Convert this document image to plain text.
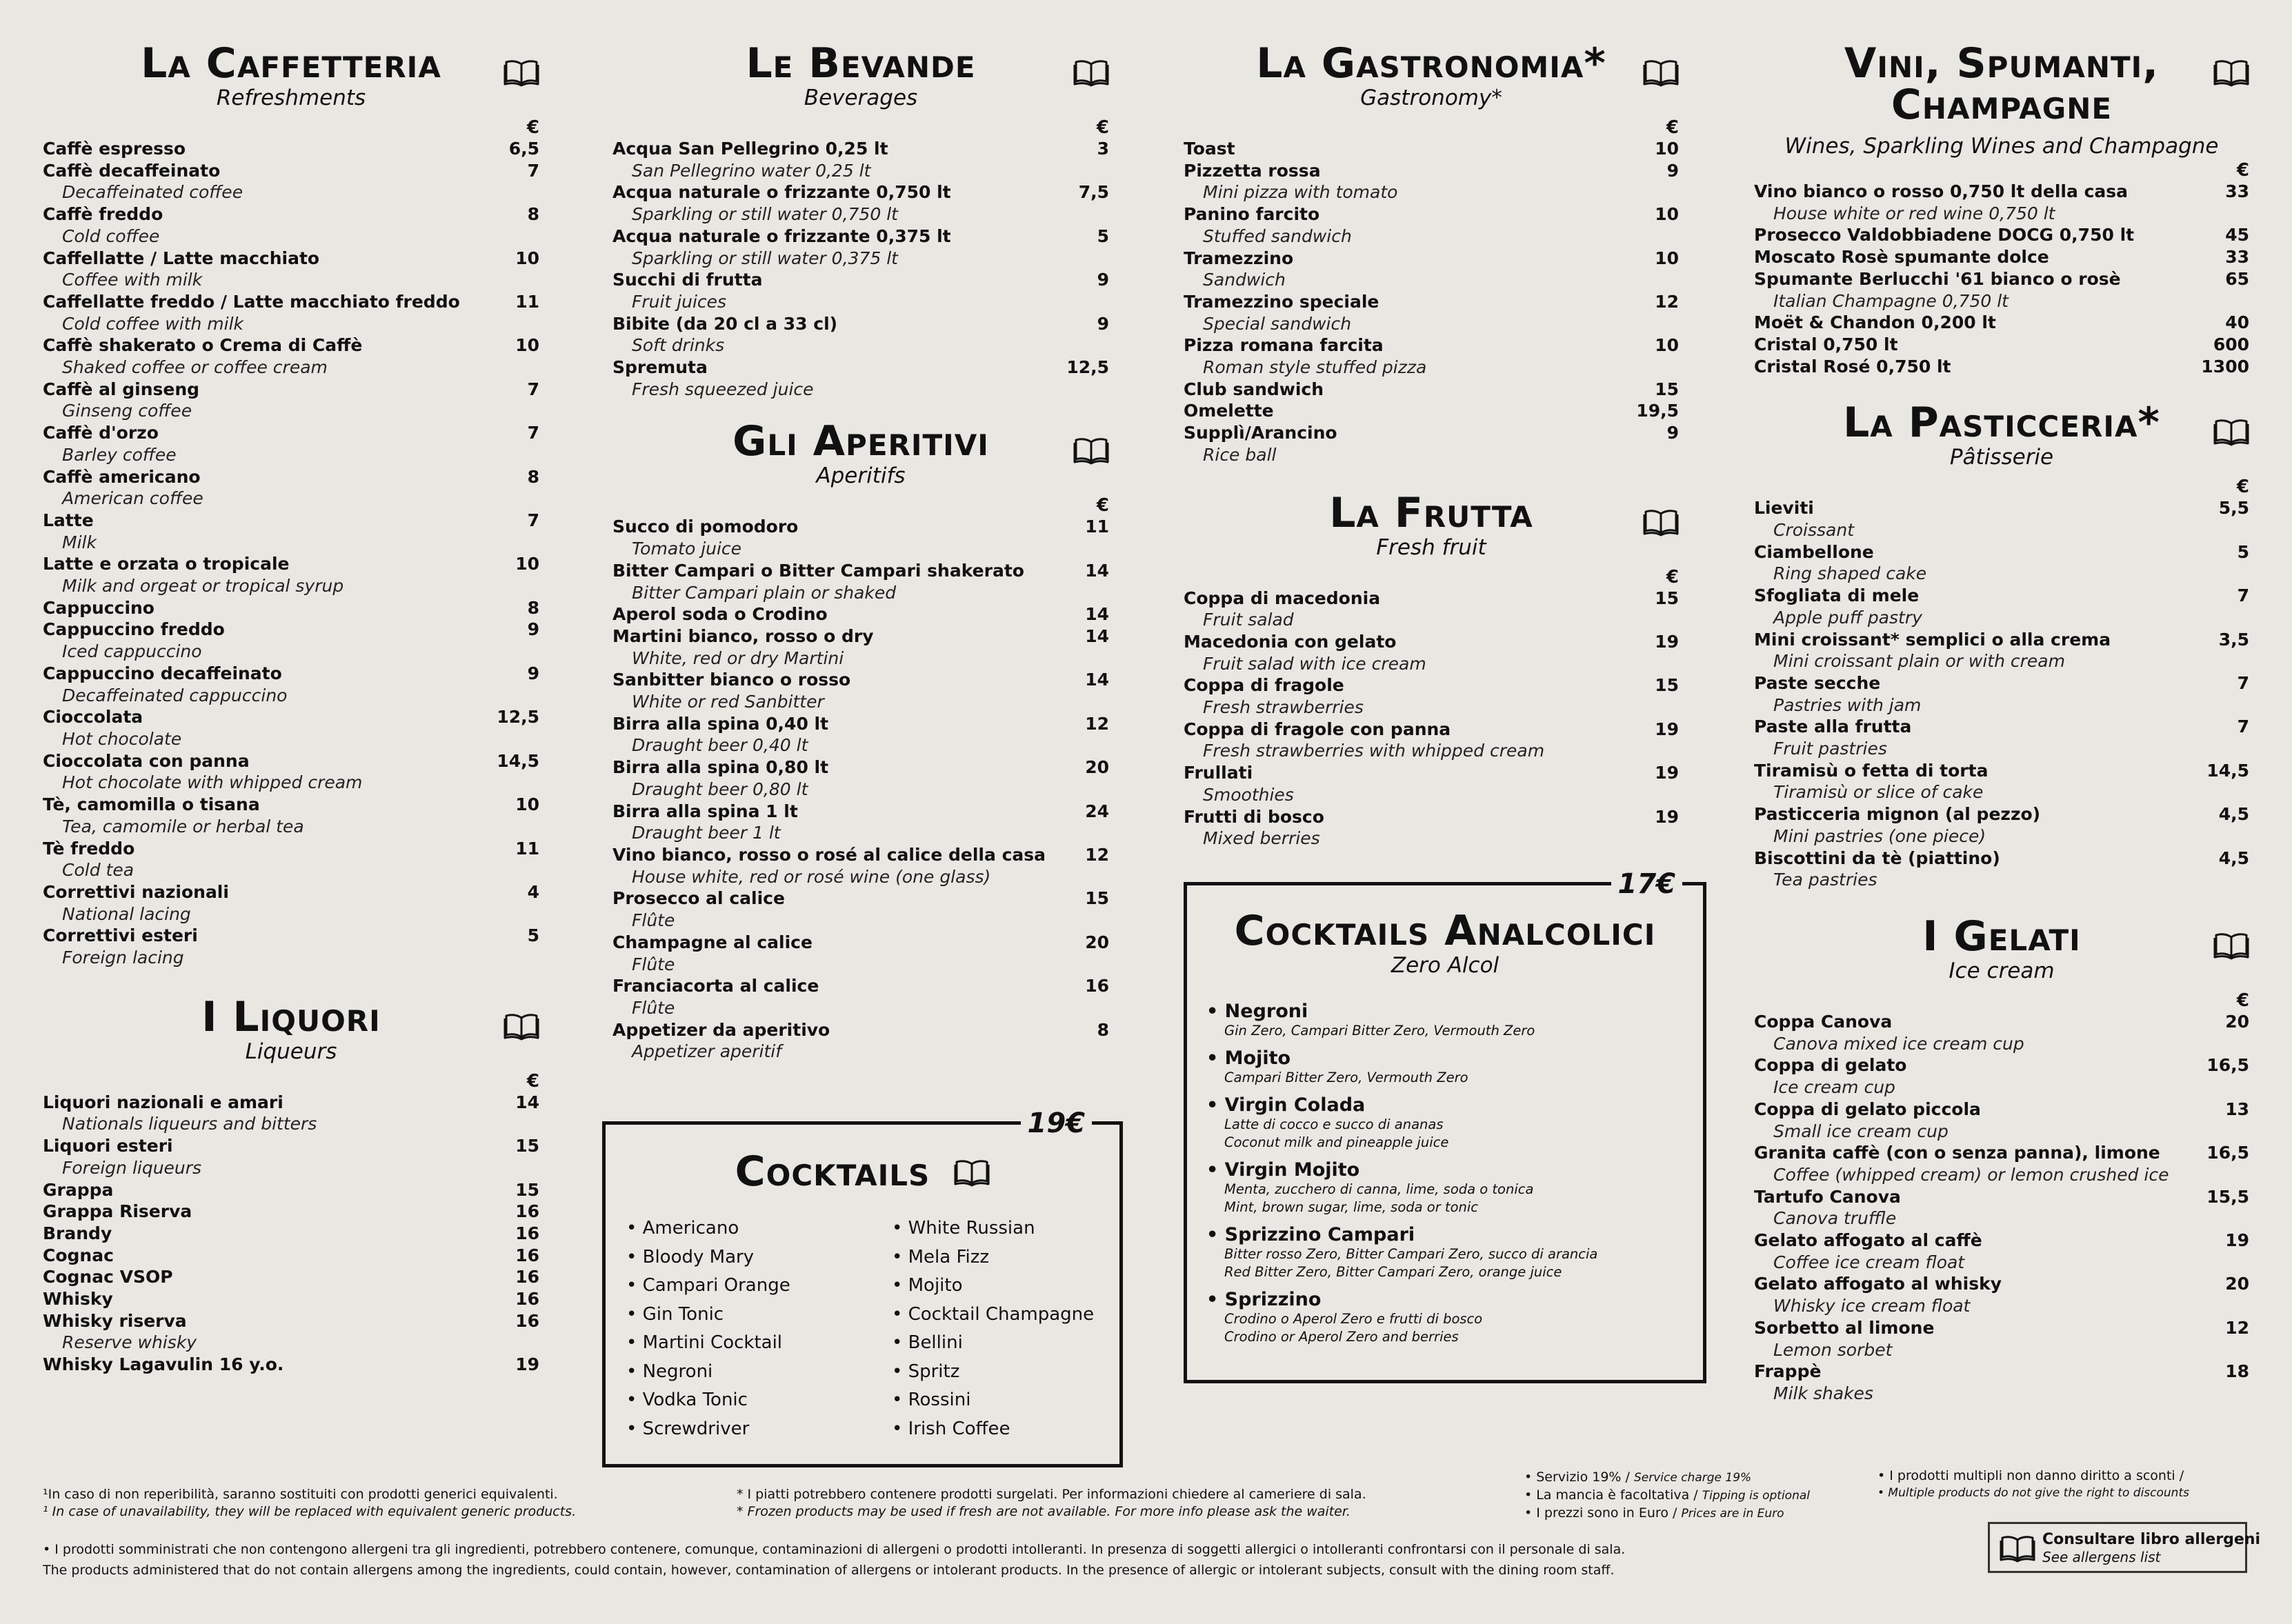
La Caffetteria
Refreshments
€
Caffè espresso	6,5
Caffè decaffeinato	7
Decaffeinated coffee
Caffè freddo	8
Cold coffee
Caffellatte / Latte macchiato	10
Coffee with milk
Caffellatte freddo / Latte macchiato freddo	11
Cold coffee with milk
Caffè shakerato o Crema di Caffè	10
Shaked coffee or coffee cream
Caffè al ginseng	7
Ginseng coffee
Caffè d'orzo	7
Barley coffee
Caffè americano	8
American coffee
Latte	7
Milk
Latte e orzata o tropicale	10
Milk and orgeat or tropical syrup
Cappuccino	8
Cappuccino freddo	9
Iced cappuccino
Cappuccino decaffeinato	9
Decaffeinated cappuccino
Cioccolata	12,5
Hot chocolate
Cioccolata con panna	14,5
Hot chocolate with whipped cream
Tè, camomilla o tisana	10
Tea, camomile or herbal tea
Tè freddo	11
Cold tea
Correttivi nazionali	4
National lacing
Correttivi esteri	5
Foreign lacing
I Liquori
Liqueurs
€
Liquori nazionali e amari	14
Nationals liqueurs and bitters
Liquori esteri	15
Foreign liqueurs
Grappa	15
Grappa Riserva	16
Brandy	16
Cognac	16
Cognac VSOP	16
Whisky	16
Whisky riserva	16
Reserve whisky
Whisky Lagavulin 16 y.o.	19
Le Bevande
Beverages
€
Acqua San Pellegrino 0,25 lt	3
San Pellegrino water 0,25 lt
Acqua naturale o frizzante 0,750 lt	7,5
Sparkling or still water 0,750 lt
Acqua naturale o frizzante 0,375 lt	5
Sparkling or still water 0,375 lt
Succhi di frutta	9
Fruit juices
Bibite (da 20 cl a 33 cl)	9
Soft drinks
Spremuta	12,5
Fresh squeezed juice
Gli Aperitivi
Aperitifs
€
Succo di pomodoro	11
Tomato juice
Bitter Campari o Bitter Campari shakerato	14
Bitter Campari plain or shaked
Aperol soda o Crodino	14
Martini bianco, rosso o dry	14
White, red or dry Martini
Sanbitter bianco o rosso	14
White or red Sanbitter
Birra alla spina 0,40 lt	12
Draught beer 0,40 lt
Birra alla spina 0,80 lt	20
Draught beer 0,80 lt
Birra alla spina 1 lt	24
Draught beer 1 lt
Vino bianco, rosso o rosé al calice della casa 12
House white, red or rosé wine (one glass)
Prosecco al calice	15
Flûte
Champagne al calice	20
Flûte
Franciacorta al calice	16
Flûte
Appetizer da aperitivo	8
Appetizer aperitif
19€
Cocktails
• Americano
• Bloody Mary
• Campari Orange
• Gin Tonic
• Martini Cocktail
• Negroni
• Vodka Tonic
• Screwdriver
• White Russian
• Mela Fizz
• Mojito
• Cocktail Champagne
• Bellini
• Spritz
• Rossini
• Irish Coffee
La Gastronomia*
Gastronomy*
€
Toast	10
Pizzetta rossa	9
Mini pizza with tomato
Panino farcito	10
Stuffed sandwich
Tramezzino	10
Sandwich
Tramezzino speciale	12
Special sandwich
Pizza romana farcita	10
Roman style stuffed pizza
Club sandwich	15
Omelette	19,5
Supplì/Arancino	9
Rice ball
La Frutta
Fresh fruit
€
Coppa di macedonia	15
Fruit salad
Macedonia con gelato	19
Fruit salad with ice cream
Coppa di fragole	15
Fresh strawberries
Coppa di fragole con panna	19
Fresh strawberries with whipped cream
Frullati	19
Smoothies
Frutti di bosco	19
Mixed berries
17€
Cocktails Analcolici
Zero Alcol
• Negroni
Gin Zero, Campari Bitter Zero, Vermouth Zero
• Mojito
Campari Bitter Zero, Vermouth Zero
• Virgin Colada
Latte di cocco e succo di ananas
Coconut milk and pineapple juice
• Virgin Mojito
Menta, zucchero di canna, lime, soda o tonica
Mint, brown sugar, lime, soda or tonic
• Sprizzino Campari
Bitter rosso Zero, Bitter Campari Zero, succo di arancia
Red Bitter Zero, Bitter Campari Zero, orange juice
• Sprizzino
Crodino o Aperol Zero e frutti di bosco
Crodino or Aperol Zero and berries
Vini, Spumanti,
Champagne
Wines, Sparkling Wines and Champagne
€
Vino bianco o rosso 0,750 lt della casa	33
House white or red wine 0,750 lt
Prosecco Valdobbiadene DOCG 0,750 lt	45
Moscato Rosè spumante dolce	33
Spumante Berlucchi '61 bianco o rosè	65
Italian Champagne 0,750 lt
Moët & Chandon 0,200 lt	40
Cristal 0,750 lt	600
Cristal Rosé 0,750 lt	1300
La Pasticceria*
Pâtisserie
€
Lieviti	5,5
Croissant
Ciambellone	5
Ring shaped cake
Sfogliata di mele	7
Apple puff pastry
Mini croissant* semplici o alla crema	3,5
Mini croissant plain or with cream
Paste secche	7
Pastries with jam
Paste alla frutta	7
Fruit pastries
Tiramisù o fetta di torta	14,5
Tiramisù or slice of cake
Pasticceria mignon (al pezzo)	4,5
Mini pastries (one piece)
Biscottini da tè (piattino)	4,5
Tea pastries
I Gelati
Ice cream
€
Coppa Canova	20
Canova mixed ice cream cup
Coppa di gelato	16,5
Ice cream cup
Coppa di gelato piccola	13
Small ice cream cup
Granita caffè (con o senza panna), limone	16,5
Coffee (whipped cream) or lemon crushed ice
Tartufo Canova	15,5
Canova truffle
Gelato affogato al caffè	19
Coffee ice cream float
Gelato affogato al whisky	20
Whisky ice cream float
Sorbetto al limone	12
Lemon sorbet
Frappè	18
Milk shakes
¹In caso di non reperibilità, saranno sostituiti con prodotti generici equivalenti.
¹ In case of unavailability, they will be replaced with equivalent generic products.
* I piatti potrebbero contenere prodotti surgelati. Per informazioni chiedere al cameriere di sala.
* Frozen products may be used if fresh are not available. For more info please ask the waiter.
• Servizio 19% / Service charge 19%
• La mancia è facoltativa / Tipping is optional
• I prezzi sono in Euro / Prices are in Euro
• I prodotti multipli non danno diritto a sconti /
• Multiple products do not give the right to discounts
• I prodotti somministrati che non contengono allergeni tra gli ingredienti, potrebbero contenere, comunque, contaminazioni di allergeni o prodotti intolleranti. In presenza di soggetti allergici o intolleranti confrontarsi con il personale di sala.
The products administered that do not contain allergens among the ingredients, could contain, however, contamination of allergens or intolerant products. In the presence of allergic or intolerant subjects, consult with the dining room staff.
Consultare libro allergeni
See allergens list
